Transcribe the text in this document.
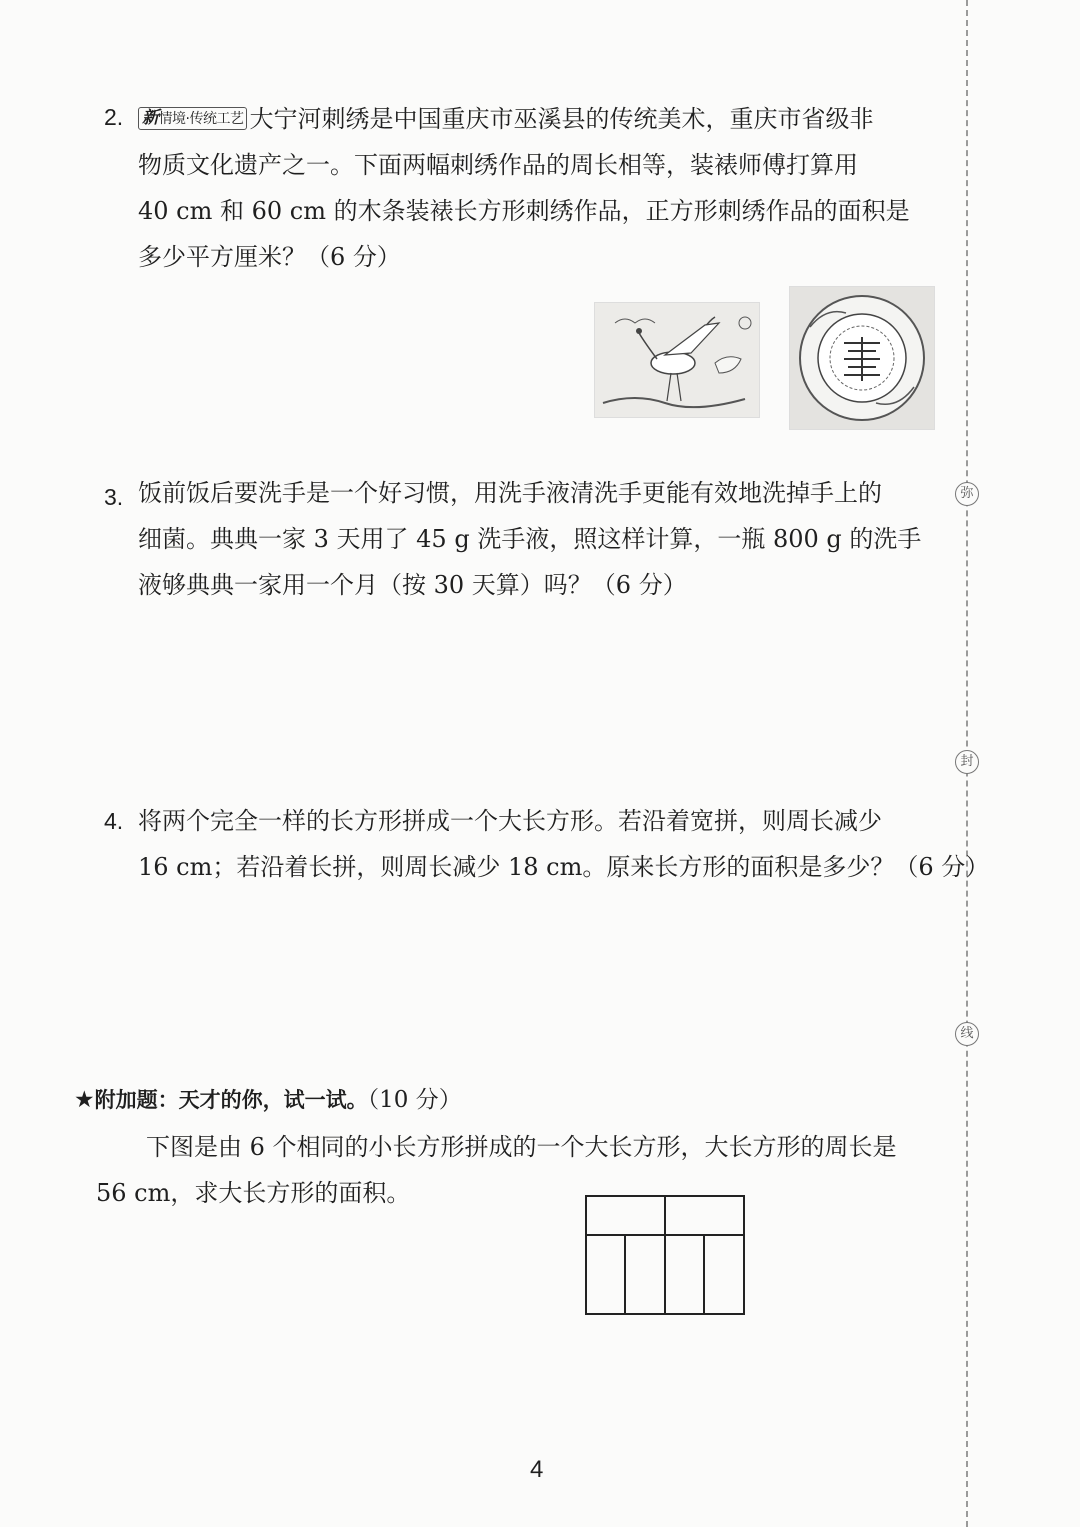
弥
封
线
2. 新情境·传统工艺 大宁河刺绣是中国重庆市巫溪县的传统美术，重庆市省级非
物质文化遗产之一。下面两幅刺绣作品的周长相等，装裱师傅打算用
40 cm 和 60 cm 的木条装裱长方形刺绣作品，正方形刺绣作品的面积是
多少平方厘米？（6 分）
3. 饭前饭后要洗手是一个好习惯，用洗手液清洗手更能有效地洗掉手上的
细菌。典典一家 3 天用了 45 g 洗手液，照这样计算，一瓶 800 g 的洗手
液够典典一家用一个月（按 30 天算）吗？（6 分）
4. 将两个完全一样的长方形拼成一个大长方形。若沿着宽拼，则周长减少
16 cm；若沿着长拼，则周长减少 18 cm。原来长方形的面积是多少？（6 分）
★附加题：天才的你，试一试。（10 分）
下图是由 6 个相同的小长方形拼成的一个大长方形，大长方形的周长是
56 cm，求大长方形的面积。
4
